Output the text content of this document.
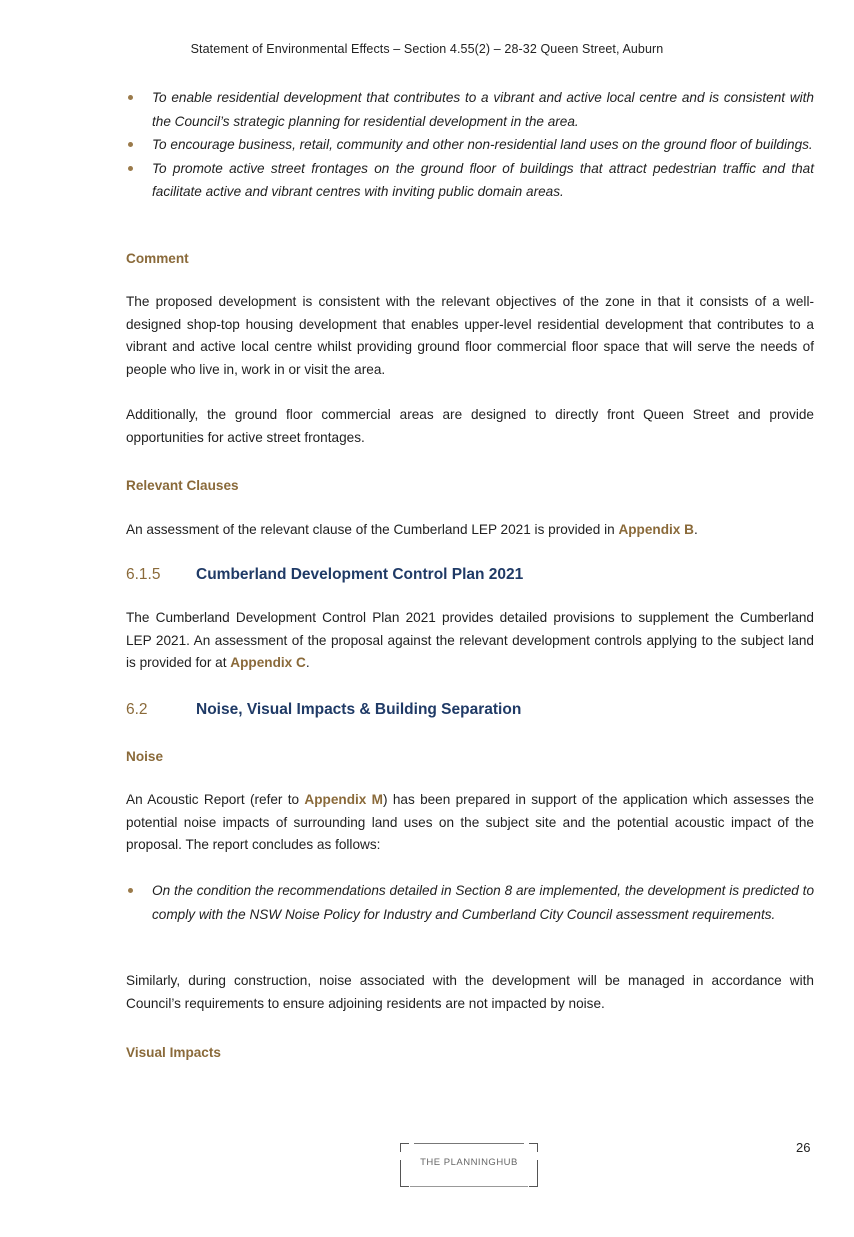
Statement of Environmental Effects – Section 4.55(2) – 28-32 Queen Street, Auburn
To enable residential development that contributes to a vibrant and active local centre and is consistent with the Council’s strategic planning for residential development in the area.
To encourage business, retail, community and other non-residential land uses on the ground floor of buildings.
To promote active street frontages on the ground floor of buildings that attract pedestrian traffic and that facilitate active and vibrant centres with inviting public domain areas.
Comment
The proposed development is consistent with the relevant objectives of the zone in that it consists of a well-designed shop-top housing development that enables upper-level residential development that contributes to a vibrant and active local centre whilst providing ground floor commercial floor space that will serve the needs of people who live in, work in or visit the area.
Additionally, the ground floor commercial areas are designed to directly front Queen Street and provide opportunities for active street frontages.
Relevant Clauses
An assessment of the relevant clause of the Cumberland LEP 2021 is provided in Appendix B.
6.1.5 Cumberland Development Control Plan 2021
The Cumberland Development Control Plan 2021 provides detailed provisions to supplement the Cumberland LEP 2021. An assessment of the proposal against the relevant development controls applying to the subject land is provided for at Appendix C.
6.2	Noise, Visual Impacts & Building Separation
Noise
An Acoustic Report (refer to Appendix M) has been prepared in support of the application which assesses the potential noise impacts of surrounding land uses on the subject site and the potential acoustic impact of the proposal. The report concludes as follows:
On the condition the recommendations detailed in Section 8 are implemented, the development is predicted to comply with the NSW Noise Policy for Industry and Cumberland City Council assessment requirements.
Similarly, during construction, noise associated with the development will be managed in accordance with Council’s requirements to ensure adjoining residents are not impacted by noise.
Visual Impacts
THE PLANNINGHUB
26
